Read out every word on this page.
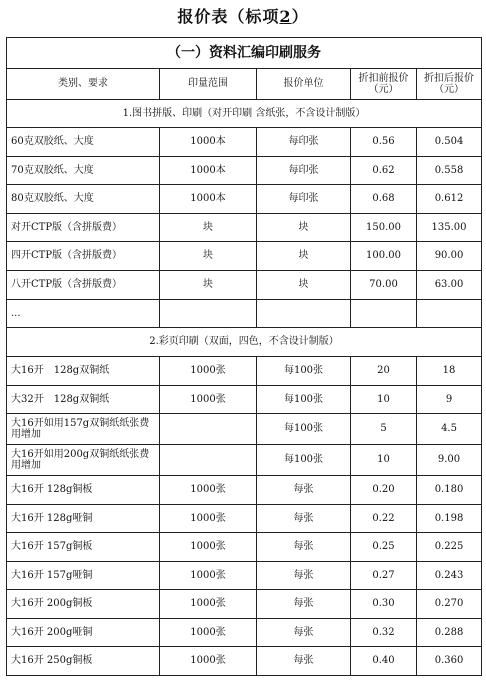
报价表（标项2）
（一）资料汇编印刷服务				
类别、要求	印量范围	报价单位	折扣前报价（元）	折扣后报价（元）
1.图书拼版、印刷（对开印刷 含纸张，不含设计制版）				
60克双胶纸、大度	1000本	每印张	0.56	0.504
70克双胶纸、大度	1000本	每印张	0.62	0.558
80克双胶纸、大度	1000本	每印张	0.68	0.612
对开CTP版（含拼版费）	块	块	150.00	135.00
四开CTP版（含拼版费）	块	块	100.00	90.00
八开CTP版（含拼版费）	块	块	70.00	63.00
...				
2.彩页印刷（双面，四色，不含设计制版）				
大16开　128g双铜纸	1000张	每100张	20	18
大32开　128g双铜纸	1000张	每100张	10	9
大16开如用157g双铜纸纸张费用增加		每100张	5	4.5
大16开如用200g双铜纸纸张费用增加		每100张	10	9.00
大16开 128g铜板	1000张	每张	0.20	0.180
大16开 128g哑铜	1000张	每张	0.22	0.198
大16开 157g铜板	1000张	每张	0.25	0.225
大16开 157g哑铜	1000张	每张	0.27	0.243
大16开 200g铜板	1000张	每张	0.30	0.270
大16开 200g哑铜	1000张	每张	0.32	0.288
大16开 250g铜板	1000张	每张	0.40	0.360
